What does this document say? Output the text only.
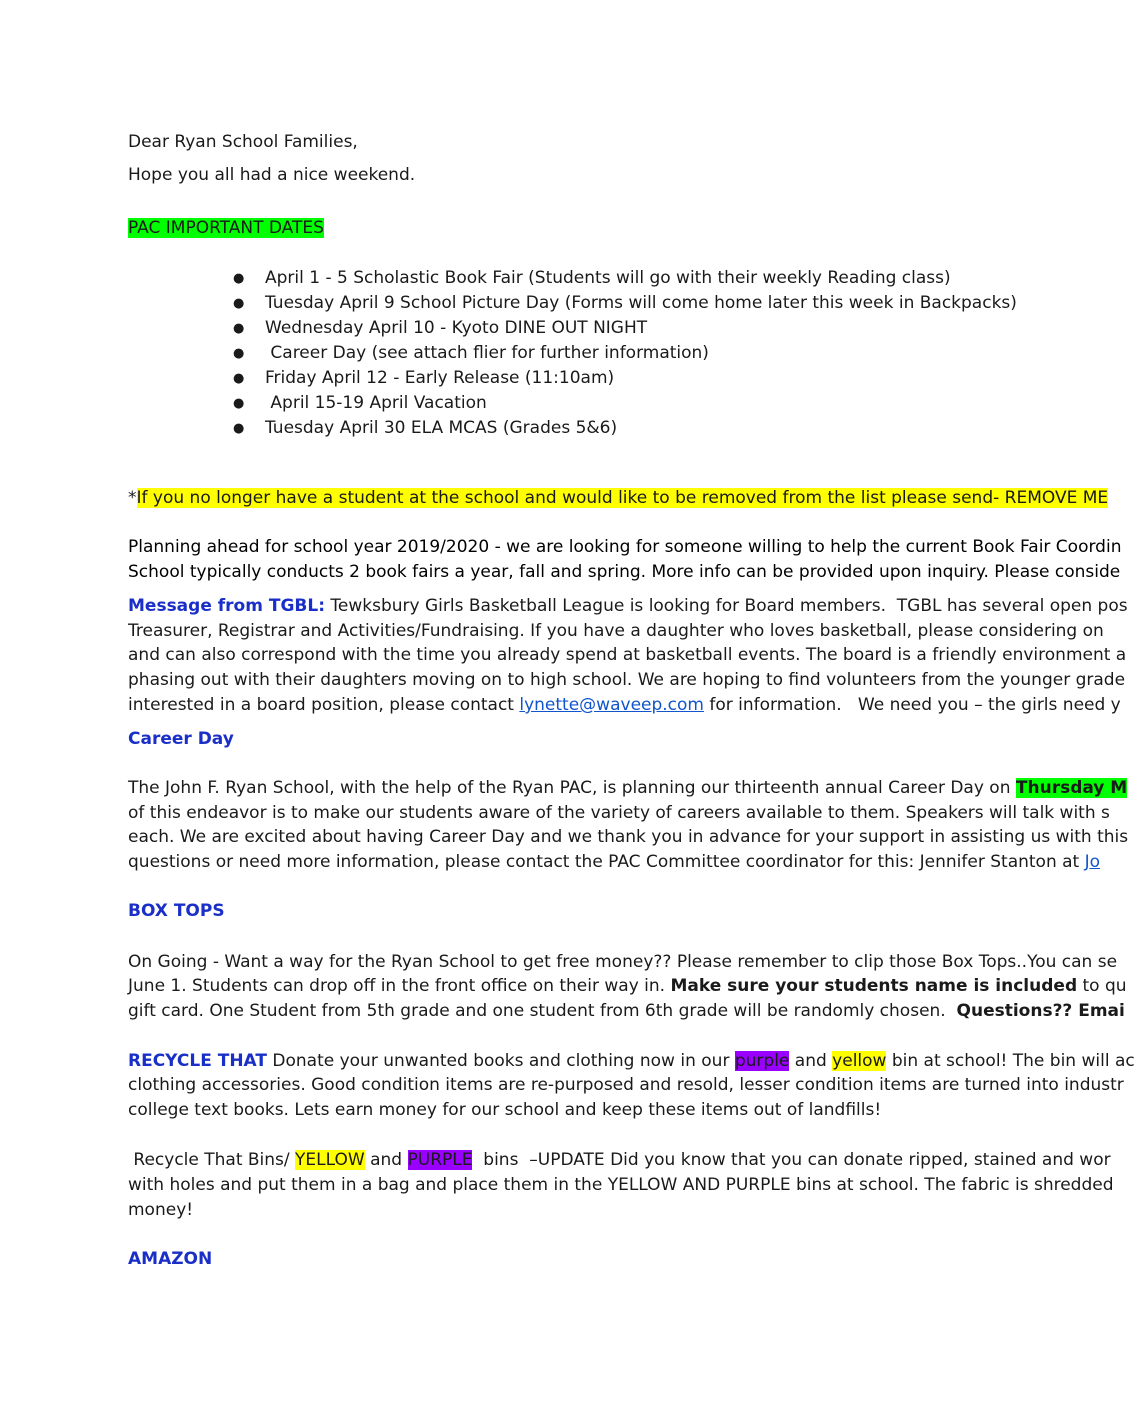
Dear Ryan School Families,
Hope you all had a nice weekend.
PAC IMPORTANT DATES
● April 1 - 5 Scholastic Book Fair (Students will go with their weekly Reading class)
● Tuesday April 9 School Picture Day (Forms will come home later this week in Backpacks)
● Wednesday April 10 - Kyoto DINE OUT NIGHT
● Career Day (see attach flier for further information)
● Friday April 12 - Early Release (11:10am)
● April 15-19 April Vacation
● Tuesday April 30 ELA MCAS (Grades 5&6)
*If you no longer have a student at the school and would like to be removed from the list please send- REMOVE ME
Planning ahead for school year 2019/2020 - we are looking for someone willing to help the current Book Fair Coordin
School typically conducts 2 book fairs a year, fall and spring. More info can be provided upon inquiry. Please conside
Message from TGBL: Tewksbury Girls Basketball League is looking for Board members.  TGBL has several open pos
Treasurer, Registrar and Activities/Fundraising. If you have a daughter who loves basketball, please considering on
and can also correspond with the time you already spend at basketball events. The board is a friendly environment a
phasing out with their daughters moving on to high school. We are hoping to find volunteers from the younger grade
interested in a board position, please contact lynette@waveep.com for information.   We need you – the girls need y
Career Day
The John F. Ryan School, with the help of the Ryan PAC, is planning our thirteenth annual Career Day on Thursday M
of this endeavor is to make our students aware of the variety of careers available to them. Speakers will talk with s
each. We are excited about having Career Day and we thank you in advance for your support in assisting us with this
questions or need more information, please contact the PAC Committee coordinator for this: Jennifer Stanton at Jo
BOX TOPS
On Going - Want a way for the Ryan School to get free money?? Please remember to clip those Box Tops..You can se
June 1. Students can drop off in the front office on their way in. Make sure your students name is included to qu
gift card. One Student from 5th grade and one student from 6th grade will be randomly chosen.  Questions?? Emai
RECYCLE THAT Donate your unwanted books and clothing now in our purple and yellow bin at school! The bin will ac
clothing accessories. Good condition items are re-purposed and resold, lesser condition items are turned into industr
college text books. Lets earn money for our school and keep these items out of landfills!
Recycle That Bins/ YELLOW and PURPLE  bins  –UPDATE Did you know that you can donate ripped, stained and wor
with holes and put them in a bag and place them in the YELLOW AND PURPLE bins at school. The fabric is shredded
money!
AMAZON
